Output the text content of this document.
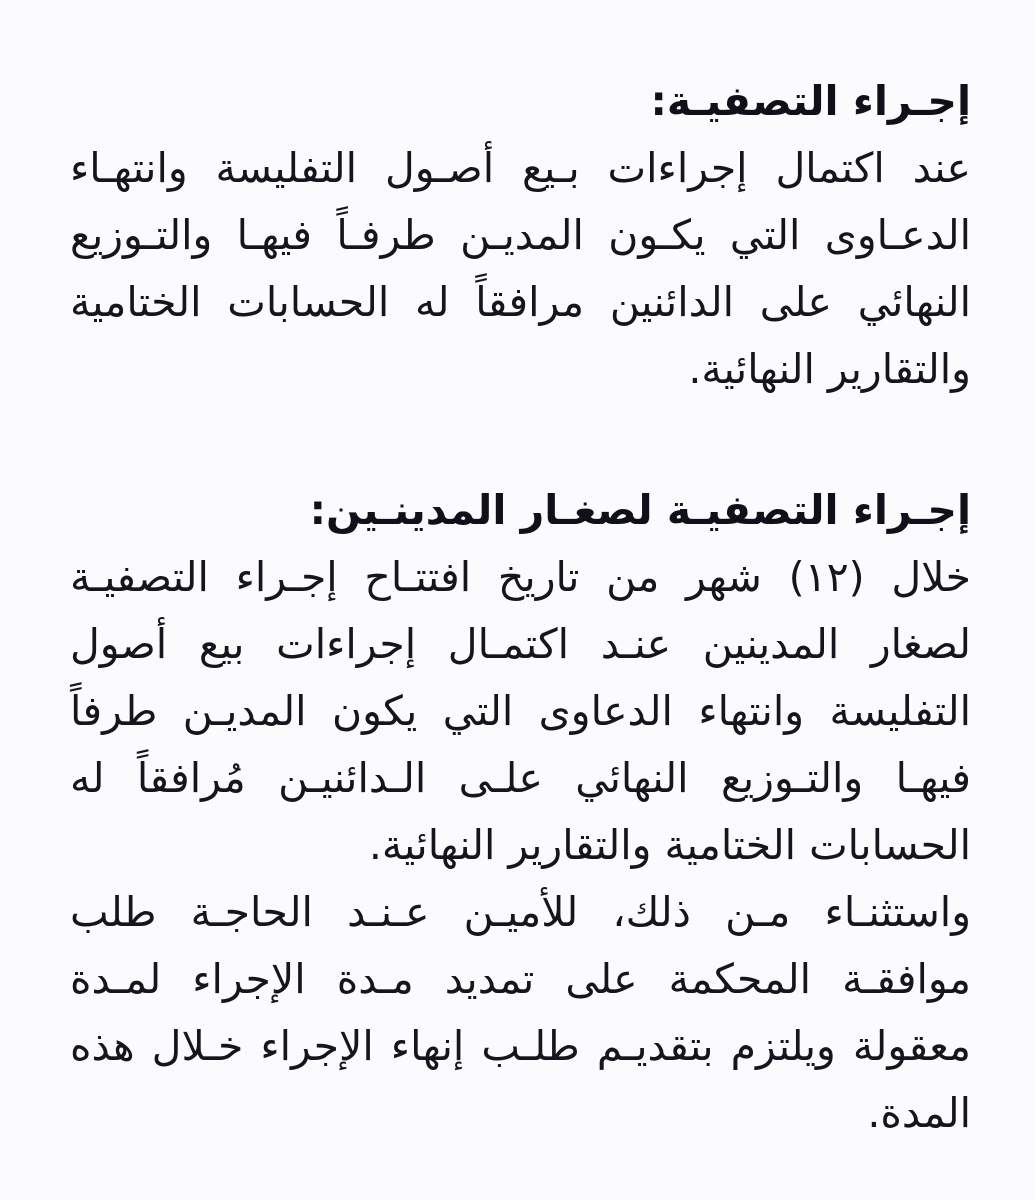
إجـراء التصفيـة:

عند اكتمال إجراءات بـيع أصـول التفليسة وانتهـاء الدعـاوى التي يكـون المديـن طرفـاً فيهـا والتـوزيع النهائي على الدائنين مرافقاً له الحسابات الختامية والتقارير النهائية.

إجـراء التصفيـة لصغـار المدينـين:

خلال (١٢) شهر من تاريخ افتتـاح إجـراء التصفيـة لصغار المدينين عنـد اكتمـال إجراءات بيع أصول التفليسة وانتهاء الدعاوى التي يكون المديـن طرفاً فيهـا والتـوزيع النهائي علـى الـدائنيـن مُرافقاً له الحسابات الختامية والتقارير النهائية.

واستثنـاء مـن ذلك، للأميـن عـنـد الحاجـة طلب موافقـة المحكمة على تمديد مـدة الإجراء لمـدة معقولة ويلتزم بتقديـم طلـب إنهاء الإجراء خـلال هذه المدة.
